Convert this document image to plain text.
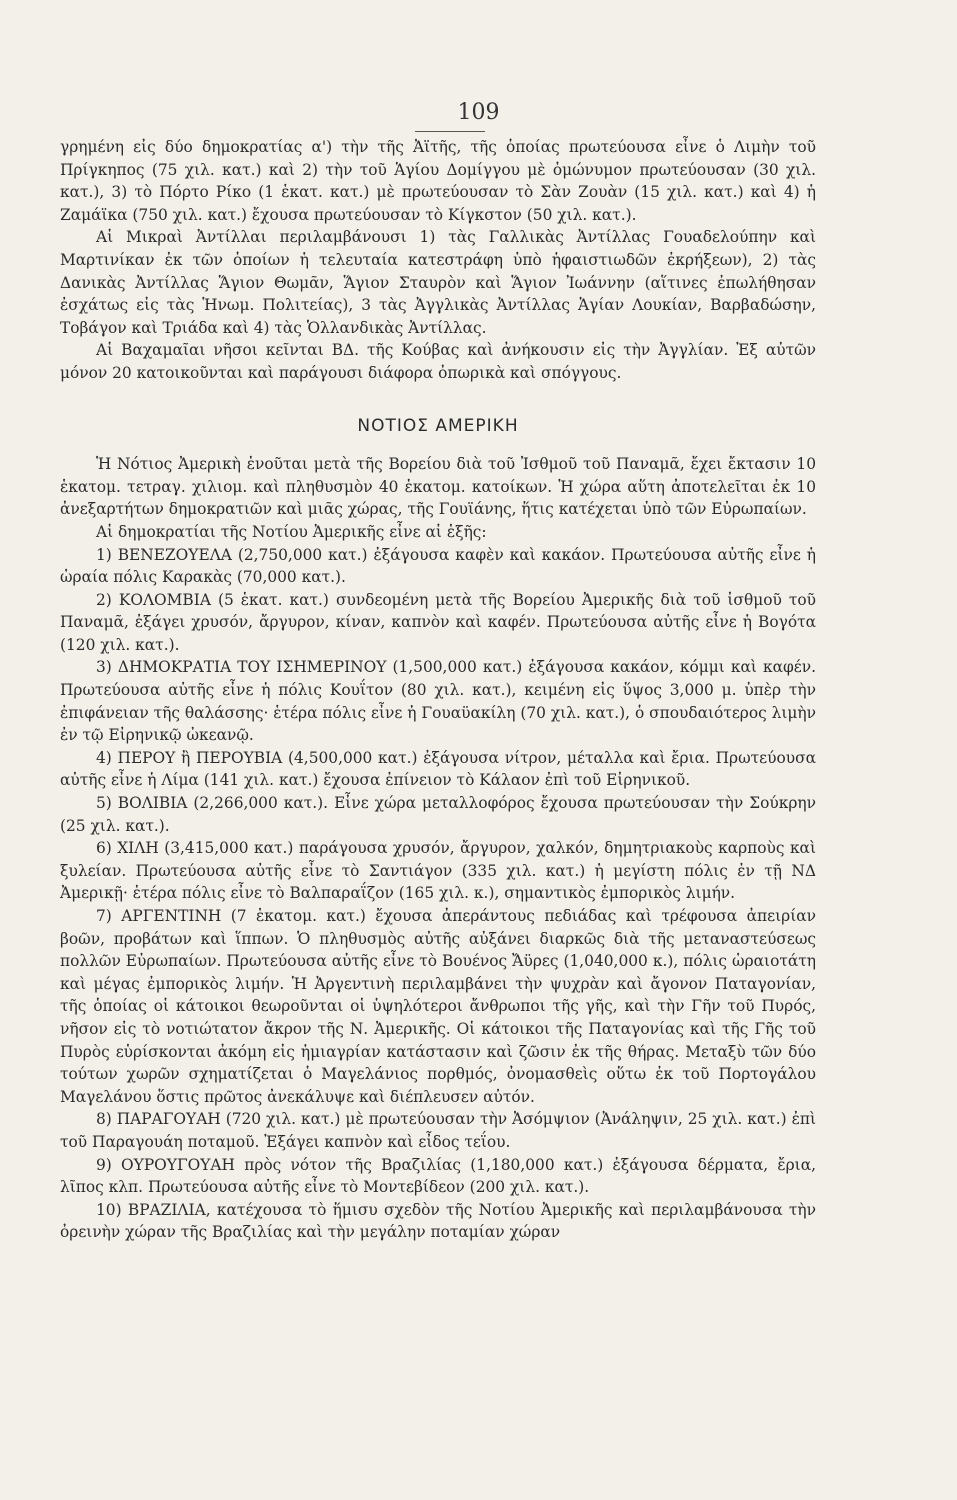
109

γρημένη εἰς δύο δημοκρατίας α') τὴν τῆς Ἀϊτῆς, τῆς ὁποίας πρωτεύουσα εἶνε ὁ Λιμὴν τοῦ Πρίγκηπος (75 χιλ. κατ.) καὶ 2) τὴν τοῦ Ἁγίου Δομίγγου μὲ ὁμώνυμον πρωτεύουσαν (30 χιλ. κατ.), 3) τὸ Πόρτο Ρίκο (1 ἑκατ. κατ.) μὲ πρωτεύουσαν τὸ Σὰν Ζουὰν (15 χιλ. κατ.) καὶ 4) ἡ Ζαμάϊκα (750 χιλ. κατ.) ἔχουσα πρωτεύουσαν τὸ Κίγκστον (50 χιλ. κατ.).

Αἱ Μικραὶ Ἀντίλλαι περιλαμβάνουσι 1) τὰς Γαλλικὰς Ἀντίλλας Γουαδελούπην καὶ Μαρτινίκαν ἐκ τῶν ὁποίων ἡ τελευταία κατεστράφη ὑπὸ ἡφαιστιωδῶν ἐκρήξεων), 2) τὰς Δανικὰς Ἀντίλλας Ἅγιον Θωμᾶν, Ἅγιον Σταυρὸν καὶ Ἅγιον Ἰωάννην (αἵτινες ἐπωλήθησαν ἐσχάτως εἰς τὰς Ἡνωμ. Πολιτείας), 3 τὰς Ἀγγλικὰς Ἀντίλλας Ἁγίαν Λουκίαν, Βαρβαδώσην, Τοβάγον καὶ Τριάδα καὶ 4) τὰς Ὁλλανδικὰς Ἀντίλλας.

Αἱ Βαχαμαῖαι νῆσοι κεῖνται ΒΔ. τῆς Κούβας καὶ ἀνήκουσιν εἰς τὴν Ἀγγλίαν. Ἐξ αὐτῶν μόνον 20 κατοικοῦνται καὶ παράγουσι διάφορα ὀπωρικὰ καὶ σπόγγους.

ΝΟΤΙΟΣ ΑΜΕΡΙΚΗ

Ἡ Νότιος Ἀμερικὴ ἑνοῦται μετὰ τῆς Βορείου διὰ τοῦ Ἰσθμοῦ τοῦ Παναμᾶ, ἔχει ἔκτασιν 10 ἑκατομ. τετραγ. χιλιομ. καὶ πληθυσμὸν 40 ἑκατομ. κατοίκων. Ἡ χώρα αὕτη ἀποτελεῖται ἐκ 10 ἀνεξαρτήτων δημοκρατιῶν καὶ μιᾶς χώρας, τῆς Γουϊάνης, ἥτις κατέχεται ὑπὸ τῶν Εὐρωπαίων.

Αἱ δημοκρατίαι τῆς Νοτίου Ἀμερικῆς εἶνε αἱ ἑξῆς:

1) ΒΕΝΕΖΟΥΕΛΑ (2,750,000 κατ.) ἐξάγουσα καφὲν καὶ κακάον. Πρωτεύουσα αὐτῆς εἶνε ἡ ὡραία πόλις Καρακὰς (70,000 κατ.).

2) ΚΟΛΟΜΒΙΑ (5 ἑκατ. κατ.) συνδεομένη μετὰ τῆς Βορείου Ἀμερικῆς διὰ τοῦ ἰσθμοῦ τοῦ Παναμᾶ, ἐξάγει χρυσόν, ἄργυρον, κίναν, καπνὸν καὶ καφέν. Πρωτεύουσα αὐτῆς εἶνε ἡ Βογότα (120 χιλ. κατ.).

3) ΔΗΜΟΚΡΑΤΙΑ ΤΟΥ ΙΣΗΜΕΡΙΝΟΥ (1,500,000 κατ.) ἐξάγουσα κακάον, κόμμι καὶ καφέν. Πρωτεύουσα αὐτῆς εἶνε ἡ πόλις Κουΐτον (80 χιλ. κατ.), κειμένη εἰς ὕψος 3,000 μ. ὑπὲρ τὴν ἐπιφάνειαν τῆς θαλάσσης· ἑτέρα πόλις εἶνε ἡ Γουαϋακίλη (70 χιλ. κατ.), ὁ σπουδαιότερος λιμὴν ἐν τῷ Εἰρηνικῷ ὠκεανῷ.

4) ΠΕΡΟΥ ἢ ΠΕΡΟΥΒΙΑ (4,500,000 κατ.) ἐξάγουσα νίτρον, μέταλλα καὶ ἔρια. Πρωτεύουσα αὐτῆς εἶνε ἡ Λίμα (141 χιλ. κατ.) ἔχουσα ἐπίνειον τὸ Κάλαον ἐπὶ τοῦ Εἰρηνικοῦ.

5) ΒΟΛΙΒΙΑ (2,266,000 κατ.). Εἶνε χώρα μεταλλοφόρος ἔχουσα πρωτεύουσαν τὴν Σούκρην (25 χιλ. κατ.).

6) ΧΙΛΗ (3,415,000 κατ.) παράγουσα χρυσόν, ἄργυρον, χαλκόν, δημητριακοὺς καρποὺς καὶ ξυλείαν. Πρωτεύουσα αὐτῆς εἶνε τὸ Σαντιάγον (335 χιλ. κατ.) ἡ μεγίστη πόλις ἐν τῇ ΝΔ Ἀμερικῇ· ἑτέρα πόλις εἶνε τὸ Βαλπαραΐζον (165 χιλ. κ.), σημαντικὸς ἐμπορικὸς λιμήν.

7) ΑΡΓΕΝΤΙΝΗ (7 ἑκατομ. κατ.) ἔχουσα ἀπεράντους πεδιάδας καὶ τρέφουσα ἀπειρίαν βοῶν, προβάτων καὶ ἵππων. Ὁ πληθυσμὸς αὐτῆς αὐξάνει διαρκῶς διὰ τῆς μεταναστεύσεως πολλῶν Εὐρωπαίων. Πρωτεύουσα αὐτῆς εἶνε τὸ Βουένος Ἄϋρες (1,040,000 κ.), πόλις ὡραιοτάτη καὶ μέγας ἐμπορικὸς λιμήν. Ἡ Ἀργεντινὴ περιλαμβάνει τὴν ψυχρὰν καὶ ἄγονον Παταγονίαν, τῆς ὁποίας οἱ κάτοικοι θεωροῦνται οἱ ὑψηλότεροι ἄνθρωποι τῆς γῆς, καὶ τὴν Γῆν τοῦ Πυρός, νῆσον εἰς τὸ νοτιώτατον ἄκρον τῆς Ν. Ἀμερικῆς. Οἱ κάτοικοι τῆς Παταγονίας καὶ τῆς Γῆς τοῦ Πυρὸς εὑρίσκονται ἀκόμη εἰς ἡμιαγρίαν κατάστασιν καὶ ζῶσιν ἐκ τῆς θήρας. Μεταξὺ τῶν δύο τούτων χωρῶν σχηματίζεται ὁ Μαγελάνιος πορθμός, ὀνομασθεὶς οὕτω ἐκ τοῦ Πορτογάλου Μαγελάνου ὅστις πρῶτος ἀνεκάλυψε καὶ διέπλευσεν αὐτόν.

8) ΠΑΡΑΓΟΥΑΗ (720 χιλ. κατ.) μὲ πρωτεύουσαν τὴν Ἀσόμψιον (Ἀνάληψιν, 25 χιλ. κατ.) ἐπὶ τοῦ Παραγουάη ποταμοῦ. Ἐξάγει καπνὸν καὶ εἶδος τεΐου.

9) ΟΥΡΟΥΓΟΥΑΗ πρὸς νότον τῆς Βραζιλίας (1,180,000 κατ.) ἐξάγουσα δέρματα, ἔρια, λῖπος κλπ. Πρωτεύουσα αὐτῆς εἶνε τὸ Μοντεβίδεον (200 χιλ. κατ.).

10) ΒΡΑΖΙΛΙΑ, κατέχουσα τὸ ἥμισυ σχεδὸν τῆς Νοτίου Ἀμερικῆς καὶ περιλαμβάνουσα τὴν ὀρεινὴν χώραν τῆς Βραζιλίας καὶ τὴν μεγάλην ποταμίαν χώραν
